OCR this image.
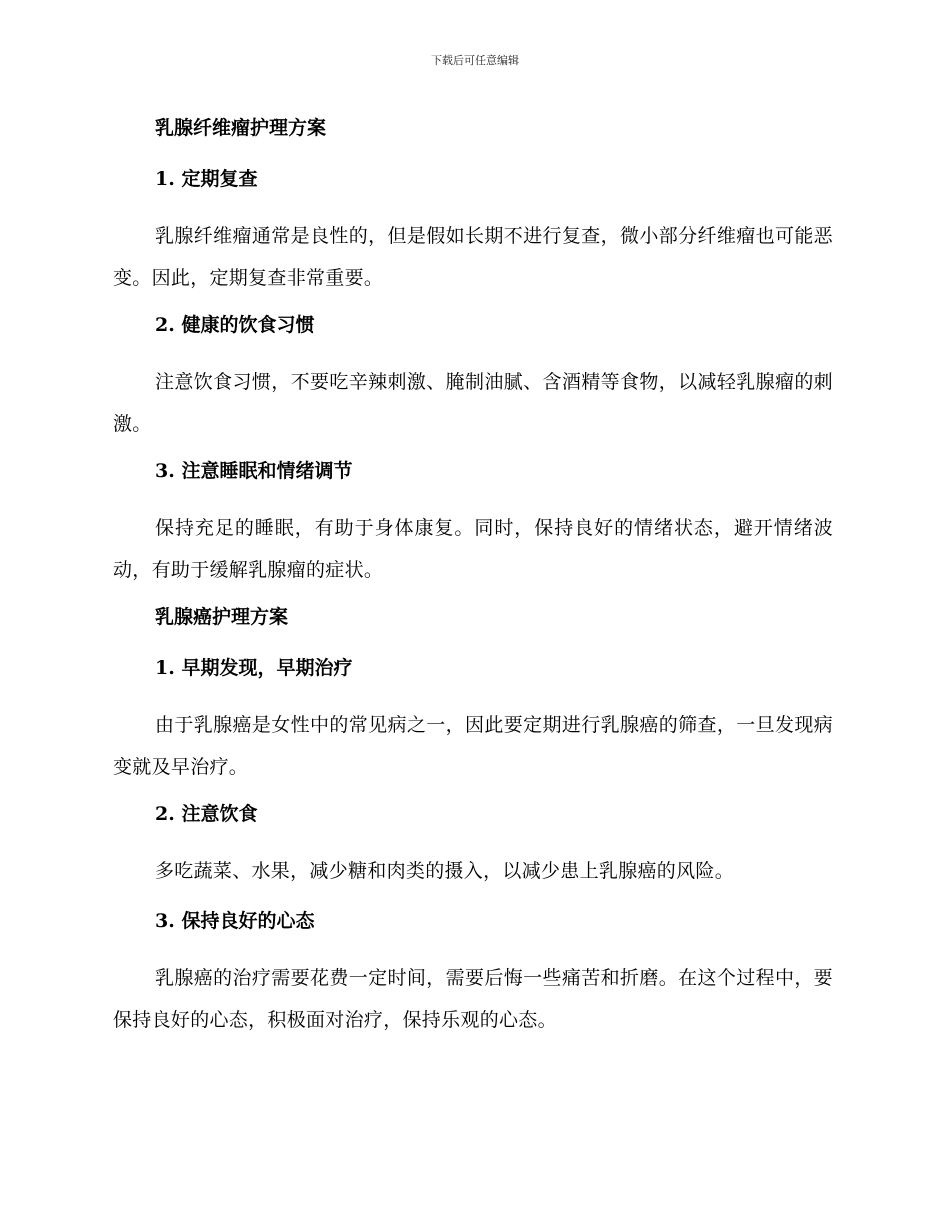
下载后可任意编辑

乳腺纤维瘤护理方案

1. 定期复查

乳腺纤维瘤通常是良性的，但是假如长期不进行复查，微小部分纤维瘤也可能恶变。因此，定期复查非常重要。

2. 健康的饮食习惯

注意饮食习惯，不要吃辛辣刺激、腌制油腻、含酒精等食物，以减轻乳腺瘤的刺激。

3. 注意睡眠和情绪调节

保持充足的睡眠，有助于身体康复。同时，保持良好的情绪状态，避开情绪波动，有助于缓解乳腺瘤的症状。

乳腺癌护理方案

1. 早期发现，早期治疗

由于乳腺癌是女性中的常见病之一，因此要定期进行乳腺癌的筛查，一旦发现病变就及早治疗。

2. 注意饮食

多吃蔬菜、水果，减少糖和肉类的摄入，以减少患上乳腺癌的风险。

3. 保持良好的心态

乳腺癌的治疗需要花费一定时间，需要后悔一些痛苦和折磨。在这个过程中，要保持良好的心态，积极面对治疗，保持乐观的心态。
